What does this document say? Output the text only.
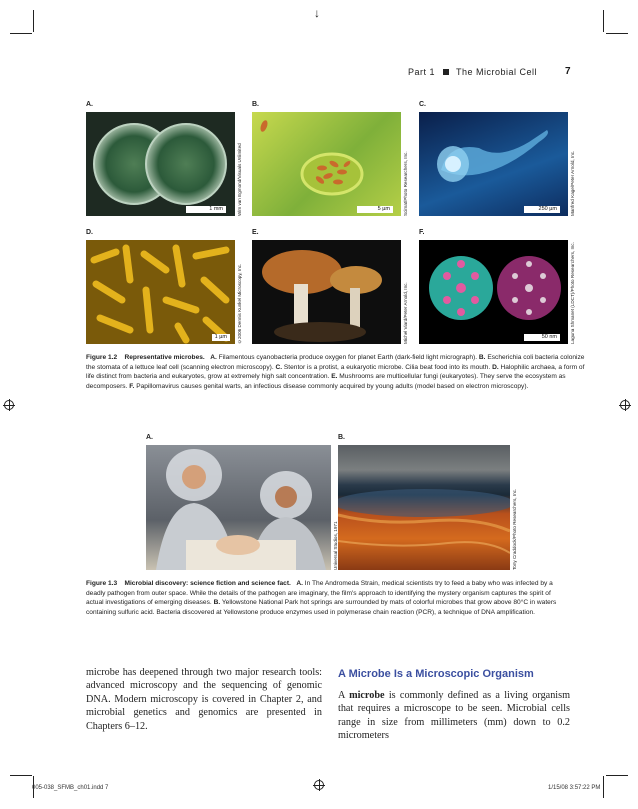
↓
Part 1 The Microbial Cell	7
A.	B.	C.
D.	E.	F.
1 mm	Wim van Egmond/Visuals Unlimited	5 µm	Scimat/Photo Researchers, Inc.	250 µm	Manfred Kage/Peter Arnold, Inc.
1 µm	©2006 Dennis Kunkel Microscopy, Inc.	Michel Viard/Peter Arnold, Inc.	50 nm	Laguna Shmanet (LDCT)/Photo Researchers, Inc.
Figure 1.2 Representative microbes. A. Filamentous cyanobacteria produce oxygen for planet Earth (dark-field light micrograph). B. Escherichia coli bacteria colonize the stomata of a lettuce leaf cell (scanning electron microscopy). C. Stentor is a protist, a eukaryotic microbe. Cilia beat food into its mouth. D. Halophilic archaea, a form of life distinct from bacteria and eukaryotes, grow at extremely high salt concentration. E. Mushrooms are multicellular fungi (eukaryotes). They serve the ecosystem as decomposers. F. Papillomavirus causes genital warts, an infectious disease commonly acquired by young adults (model based on electron microscopy).
A.	B.
Universal Studios, 1971	Tony Craddock/Photo Researchers, Inc.
Figure 1.3 Microbial discovery: science fiction and science fact. A. In The Andromeda Strain, medical scientists try to feed a baby who was infected by a deadly pathogen from outer space. While the details of the pathogen are imaginary, the film's approach to identifying the mystery organism captures the spirit of actual investigations of emerging diseases. B. Yellowstone National Park hot springs are surrounded by mats of colorful microbes that grow above 80°C in waters containing sulfuric acid. Bacteria discovered at Yellowstone produce enzymes used in polymerase chain reaction (PCR), a technique of DNA amplification.
microbe has deepened through two major research tools: advanced microscopy and the sequencing of genomic DNA. Modern microscopy is covered in Chapter 2, and microbial genetics and genomics are presented in Chapters 6–12.
A Microbe Is a Microscopic Organism
A microbe is commonly defined as a living organism that requires a microscope to be seen. Microbial cells range in size from millimeters (mm) down to 0.2 micrometers
005-038_SFMB_ch01.indd 7	1/15/08 3:57:22 PM
